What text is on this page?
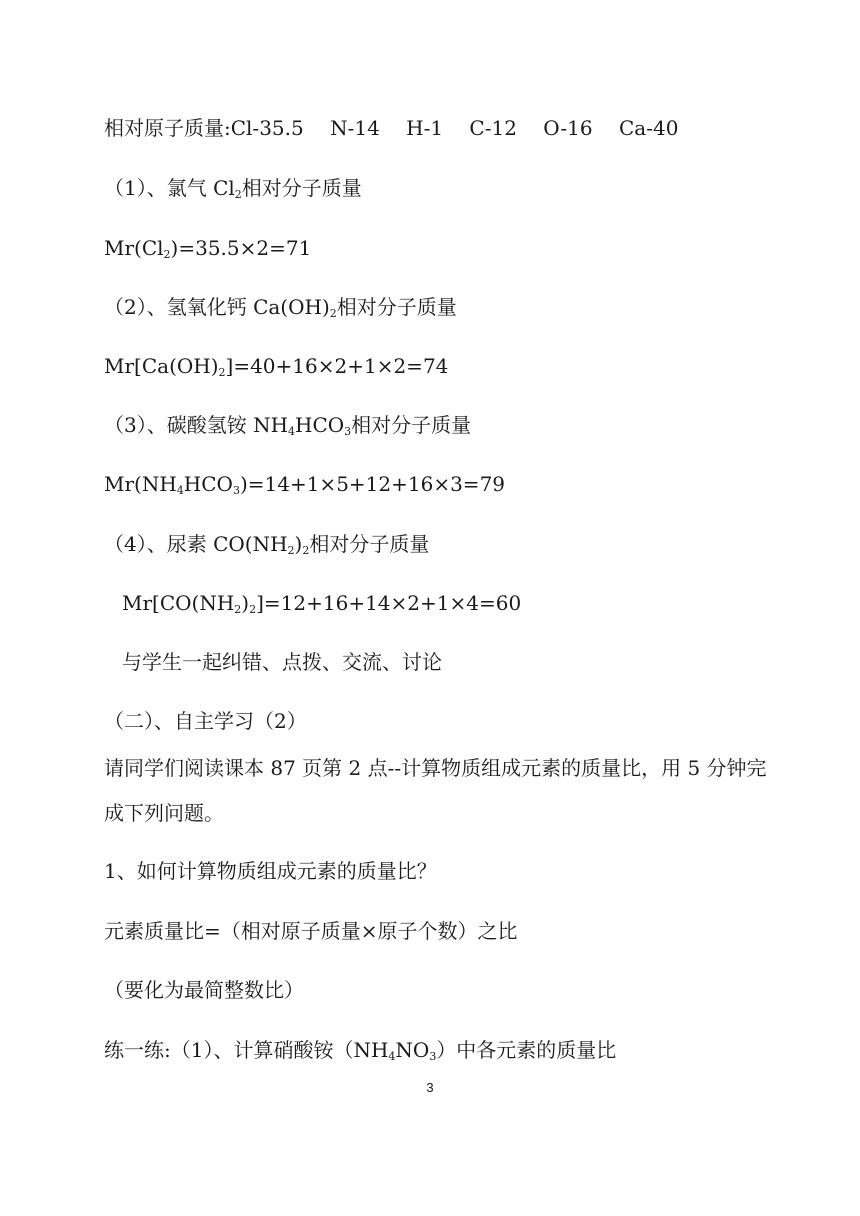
相对原子质量:Cl-35.5　 N-14　 H-1　 C-12　 O-16　 Ca-40
（1）、氯气 $Cl_2$相对分子质量
$Mr(Cl_2)=35.5\times 2=71$
（2）、氢氧化钙 $Ca(OH)_2$相对分子质量
$Mr[Ca(OH)_2]=40+16\times 2+1\times 2=74$
（3）、碳酸氢铵 $NH_4HCO_3$相对分子质量
$Mr(NH_4HCO_3)=14+1\times 5+12+16\times 3=79$
（4）、尿素 $CO(NH_2)_2$相对分子质量
$Mr[CO(NH_2)_2]=12+16+14\times 2+1\times 4=60$
与学生一起纠错、点拨、交流、讨论
（二）、自主学习（2）
请同学们阅读课本 87 页第 2 点--计算物质组成元素的质量比，用 5 分钟完
成下列问题。
1、如何计算物质组成元素的质量比？
元素质量比=（相对原子质量×原子个数）之比
（要化为最简整数比）
练一练:（1）、计算硝酸铵$(NH_4NO_3)$中各元素的质量比
3
